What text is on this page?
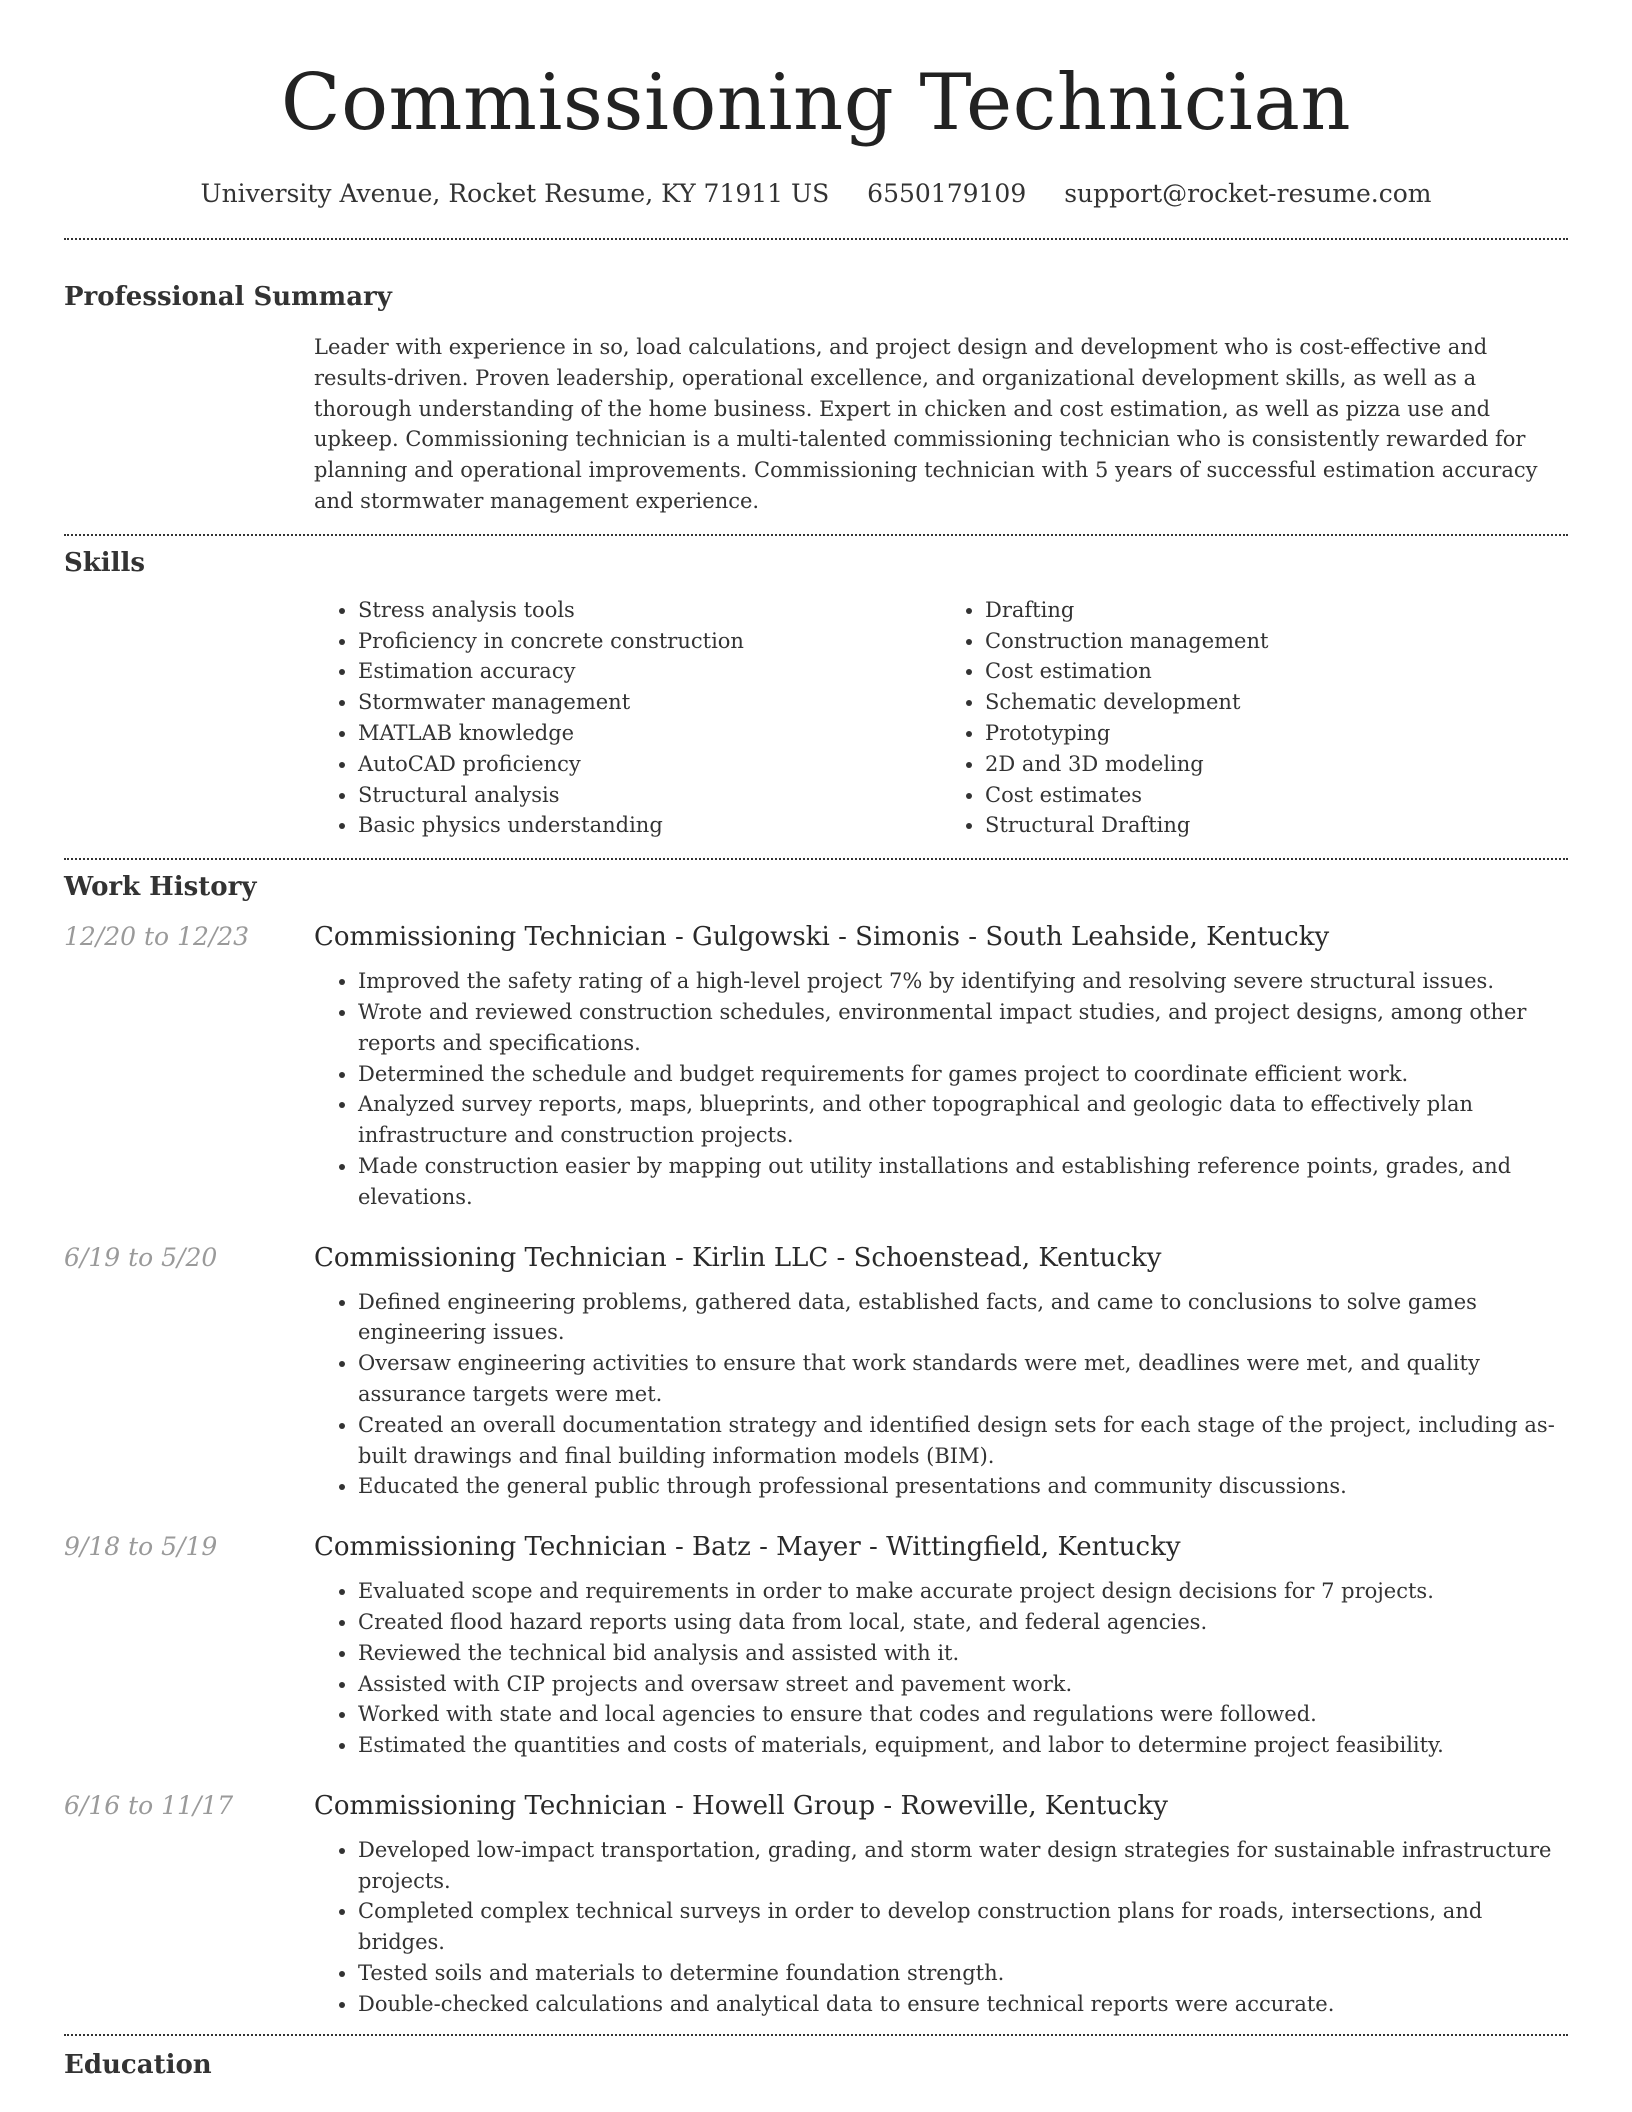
Commissioning Technician
University Avenue, Rocket Resume, KY 71911 US 6550179109 support@rocket-resume.com
Professional Summary

Leader with experience in so, load calculations, and project design and development who is cost-effective and results-driven. Proven leadership, operational excellence, and organizational development skills, as well as a thorough understanding of the home business. Expert in chicken and cost estimation, as well as pizza use and upkeep. Commissioning technician is a multi-talented commissioning technician who is consistently rewarded for planning and operational improvements. Commissioning technician with 5 years of successful estimation accuracy and stormwater management experience.

Skills
• Stress analysis tools
• Proficiency in concrete construction
• Estimation accuracy
• Stormwater management
• MATLAB knowledge
• AutoCAD proficiency
• Structural analysis
• Basic physics understanding
• Drafting
• Construction management
• Cost estimation
• Schematic development
• Prototyping
• 2D and 3D modeling
• Cost estimates
• Structural Drafting
Work History
12/20 to 12/23	Commissioning Technician - Gulgowski - Simonis - South Leahside, Kentucky
• Improved the safety rating of a high-level project 7% by identifying and resolving severe structural issues.
• Wrote and reviewed construction schedules, environmental impact studies, and project designs, among other reports and specifications.
• Determined the schedule and budget requirements for games project to coordinate efficient work.
• Analyzed survey reports, maps, blueprints, and other topographical and geologic data to effectively plan infrastructure and construction projects.
• Made construction easier by mapping out utility installations and establishing reference points, grades, and elevations.
6/19 to 5/20	Commissioning Technician - Kirlin LLC - Schoenstead, Kentucky
• Defined engineering problems, gathered data, established facts, and came to conclusions to solve games engineering issues.
• Oversaw engineering activities to ensure that work standards were met, deadlines were met, and quality assurance targets were met.
• Created an overall documentation strategy and identified design sets for each stage of the project, including as-built drawings and final building information models (BIM).
• Educated the general public through professional presentations and community discussions.
9/18 to 5/19	Commissioning Technician - Batz - Mayer - Wittingfield, Kentucky
• Evaluated scope and requirements in order to make accurate project design decisions for 7 projects.
• Created flood hazard reports using data from local, state, and federal agencies.
• Reviewed the technical bid analysis and assisted with it.
• Assisted with CIP projects and oversaw street and pavement work.
• Worked with state and local agencies to ensure that codes and regulations were followed.
• Estimated the quantities and costs of materials, equipment, and labor to determine project feasibility.
6/16 to 11/17	Commissioning Technician - Howell Group - Roweville, Kentucky
• Developed low-impact transportation, grading, and storm water design strategies for sustainable infrastructure projects.
• Completed complex technical surveys in order to develop construction plans for roads, intersections, and bridges.
• Tested soils and materials to determine foundation strength.
• Double-checked calculations and analytical data to ensure technical reports were accurate.
Education
